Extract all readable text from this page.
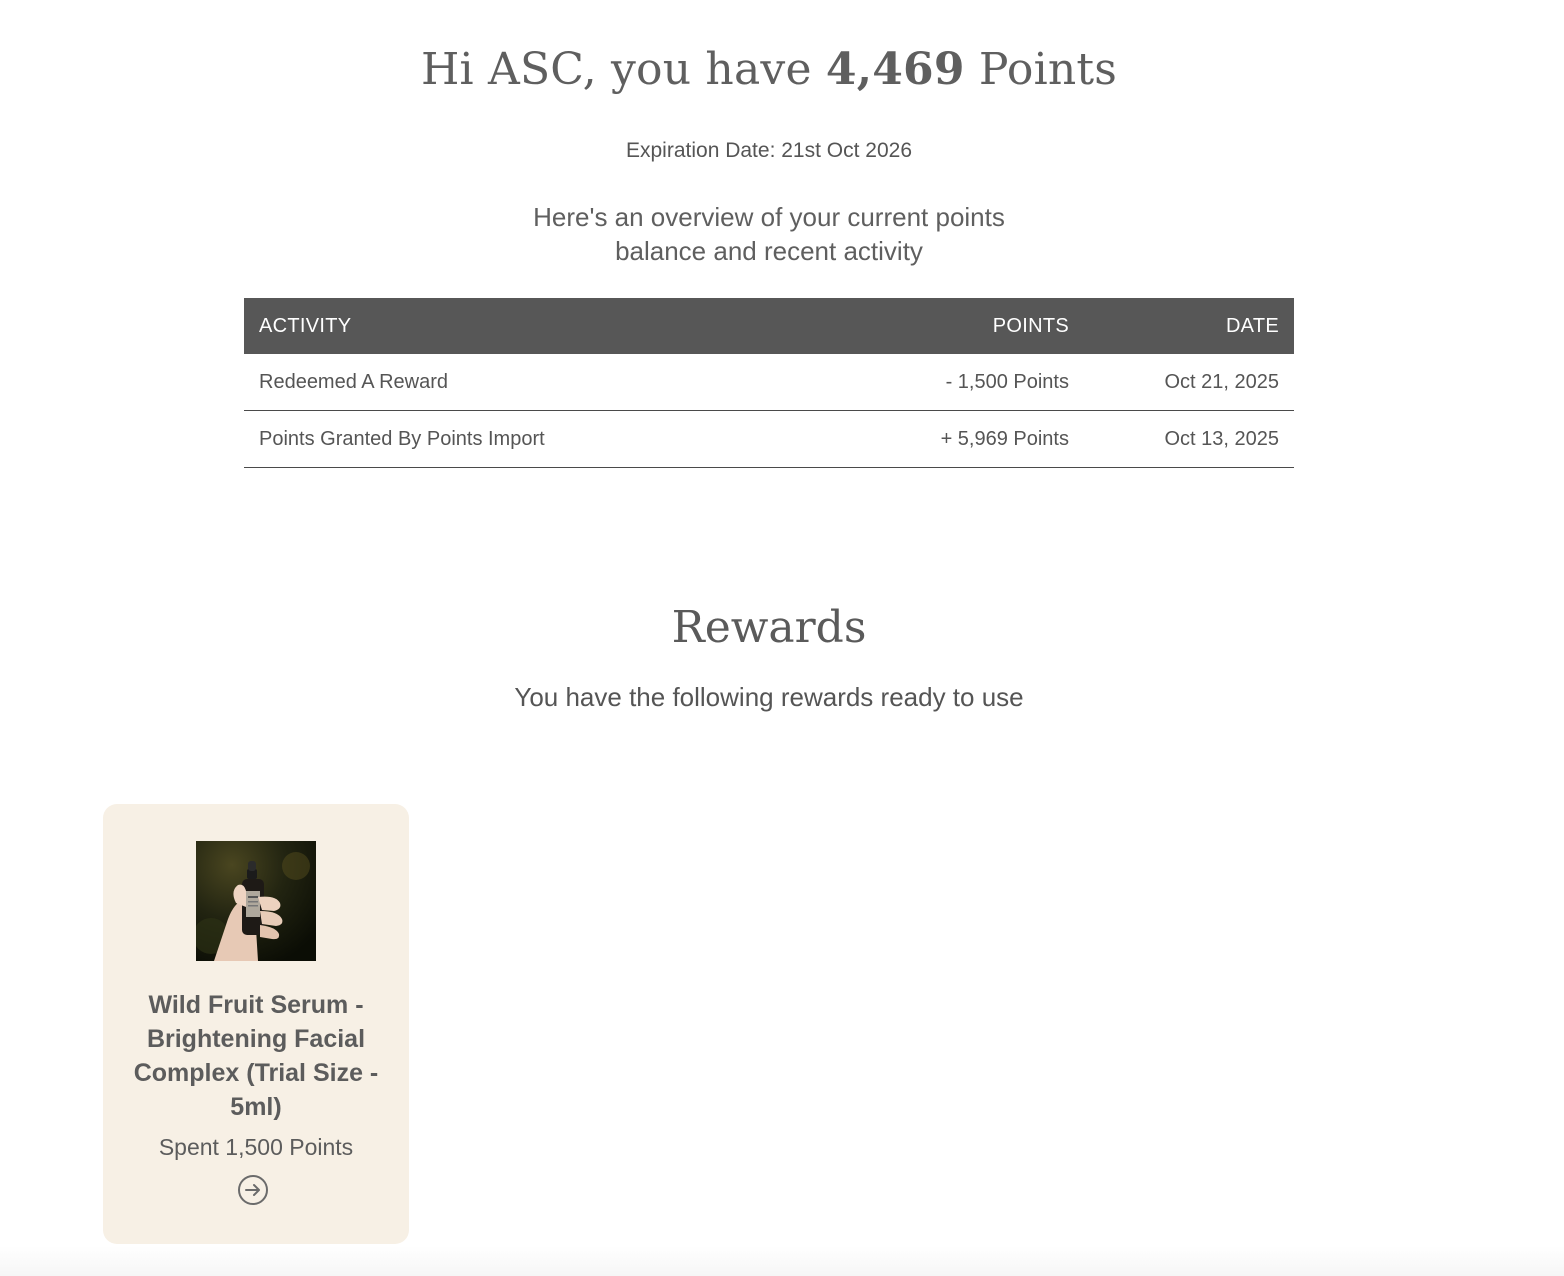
Hi ASC, you have 4,469 Points
Expiration Date: 21st Oct 2026
Here's an overview of your current points
balance and recent activity
ACTIVITY	POINTS	DATE
Redeemed A Reward	- 1,500 Points	Oct 21, 2025
Points Granted By Points Import	+ 5,969 Points	Oct 13, 2025
Rewards
You have the following rewards ready to use
Wild Fruit Serum - Brightening Facial Complex (Trial Size - 5ml)
Spent 1,500 Points
